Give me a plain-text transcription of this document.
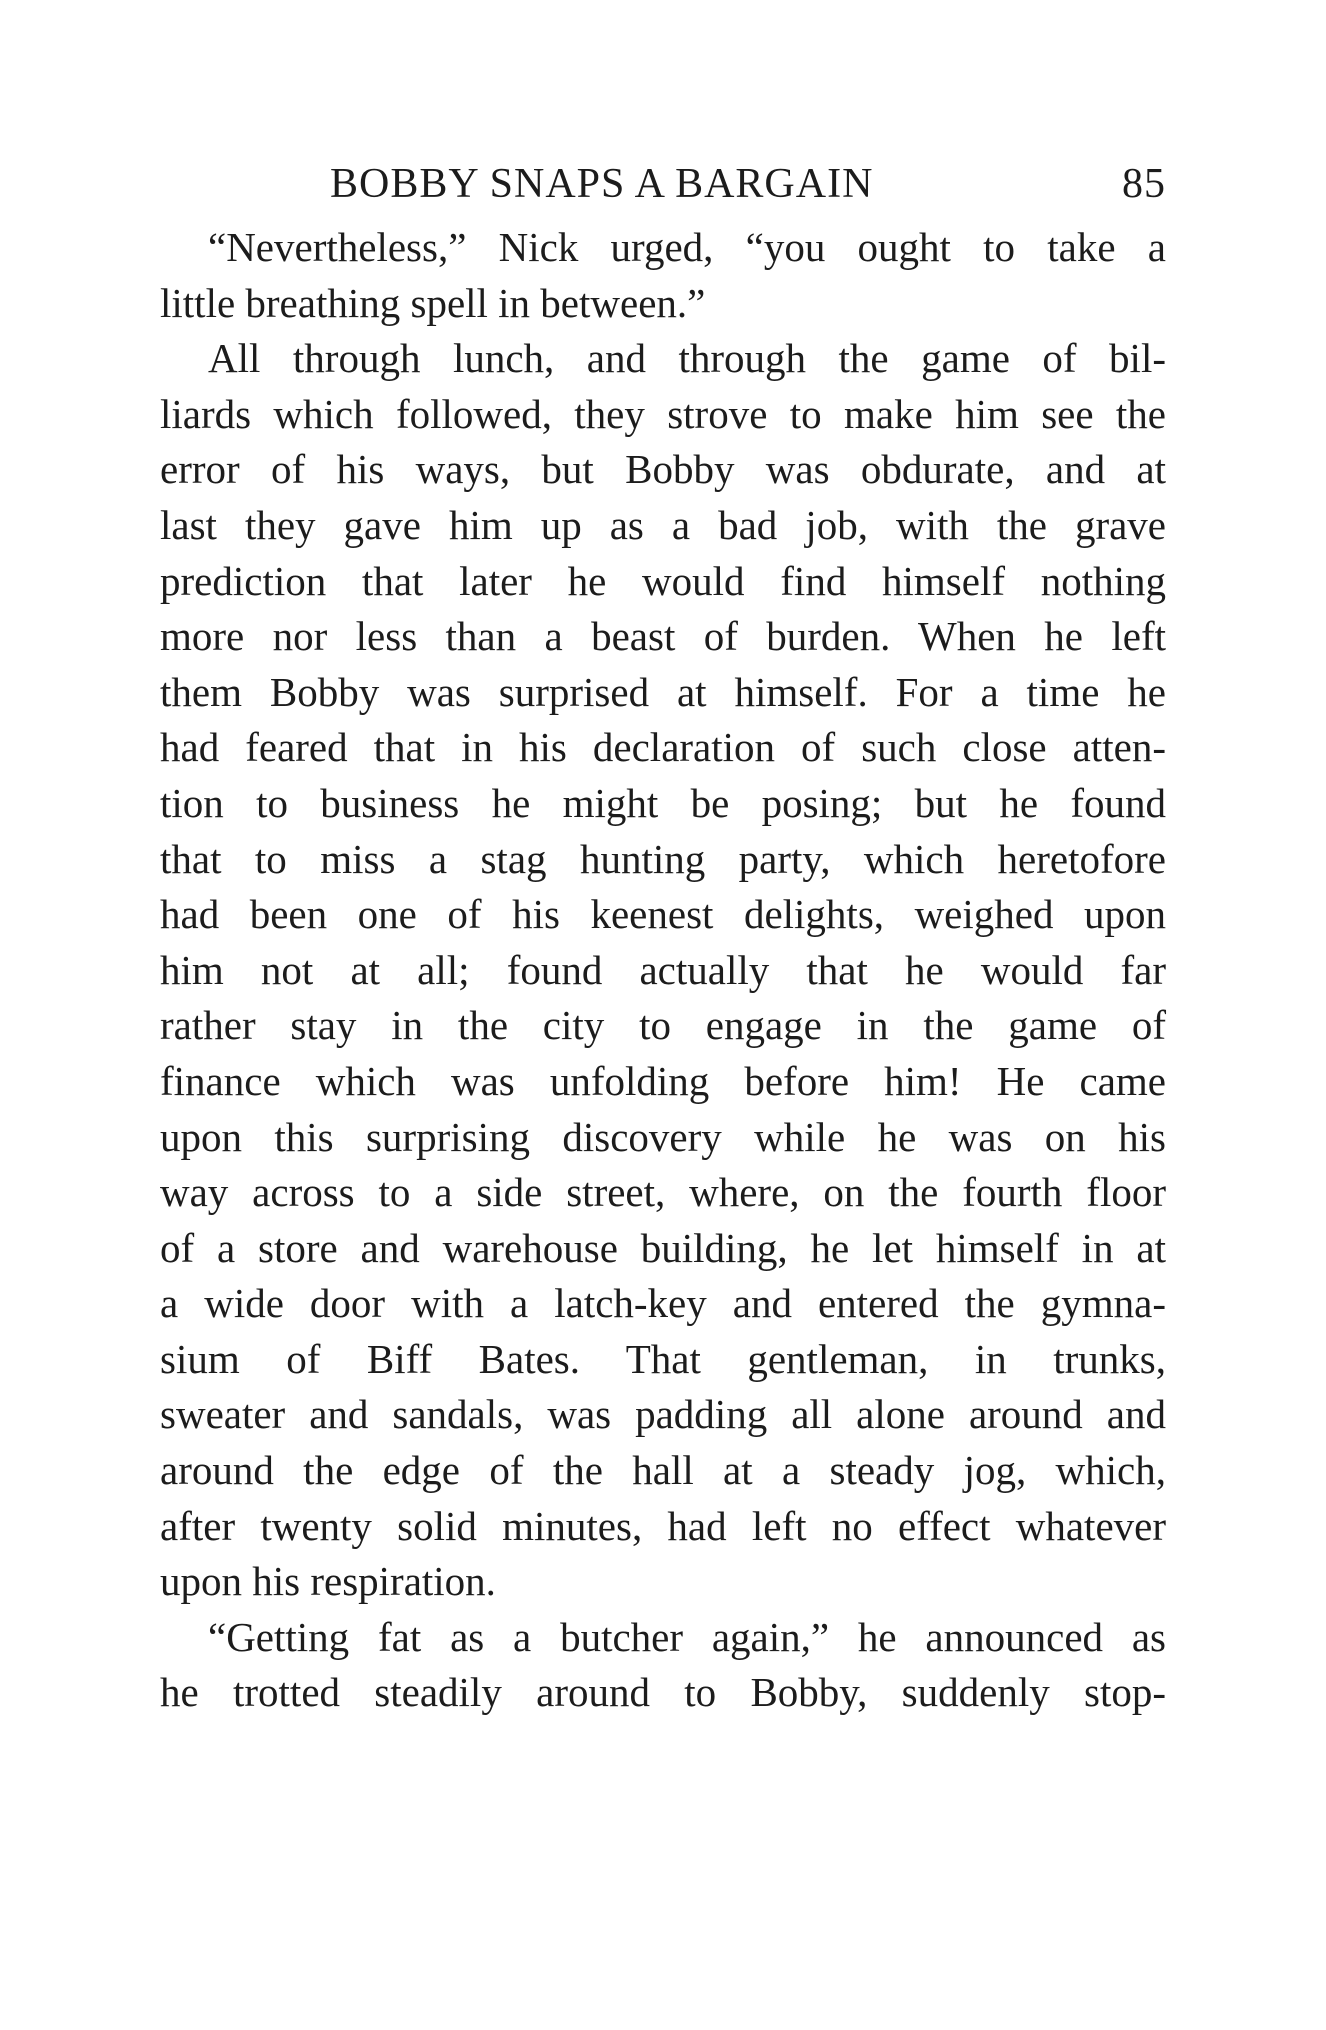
BOBBY SNAPS A BARGAIN	85
“Nevertheless,” Nick urged, “you ought to take a
little breathing spell in between.”
All through lunch, and through the game of bil-
liards which followed, they strove to make him see the
error of his ways, but Bobby was obdurate, and at
last they gave him up as a bad job, with the grave
prediction that later he would find himself nothing
more nor less than a beast of burden. When he left
them Bobby was surprised at himself. For a time he
had feared that in his declaration of such close atten-
tion to business he might be posing; but he found
that to miss a stag hunting party, which heretofore
had been one of his keenest delights, weighed upon
him not at all; found actually that he would far
rather stay in the city to engage in the game of
finance which was unfolding before him! He came
upon this surprising discovery while he was on his
way across to a side street, where, on the fourth floor
of a store and warehouse building, he let himself in at
a wide door with a latch-key and entered the gymna-
sium of Biff Bates. That gentleman, in trunks,
sweater and sandals, was padding all alone around and
around the edge of the hall at a steady jog, which,
after twenty solid minutes, had left no effect whatever
upon his respiration.
“Getting fat as a butcher again,” he announced as
he trotted steadily around to Bobby, suddenly stop-
